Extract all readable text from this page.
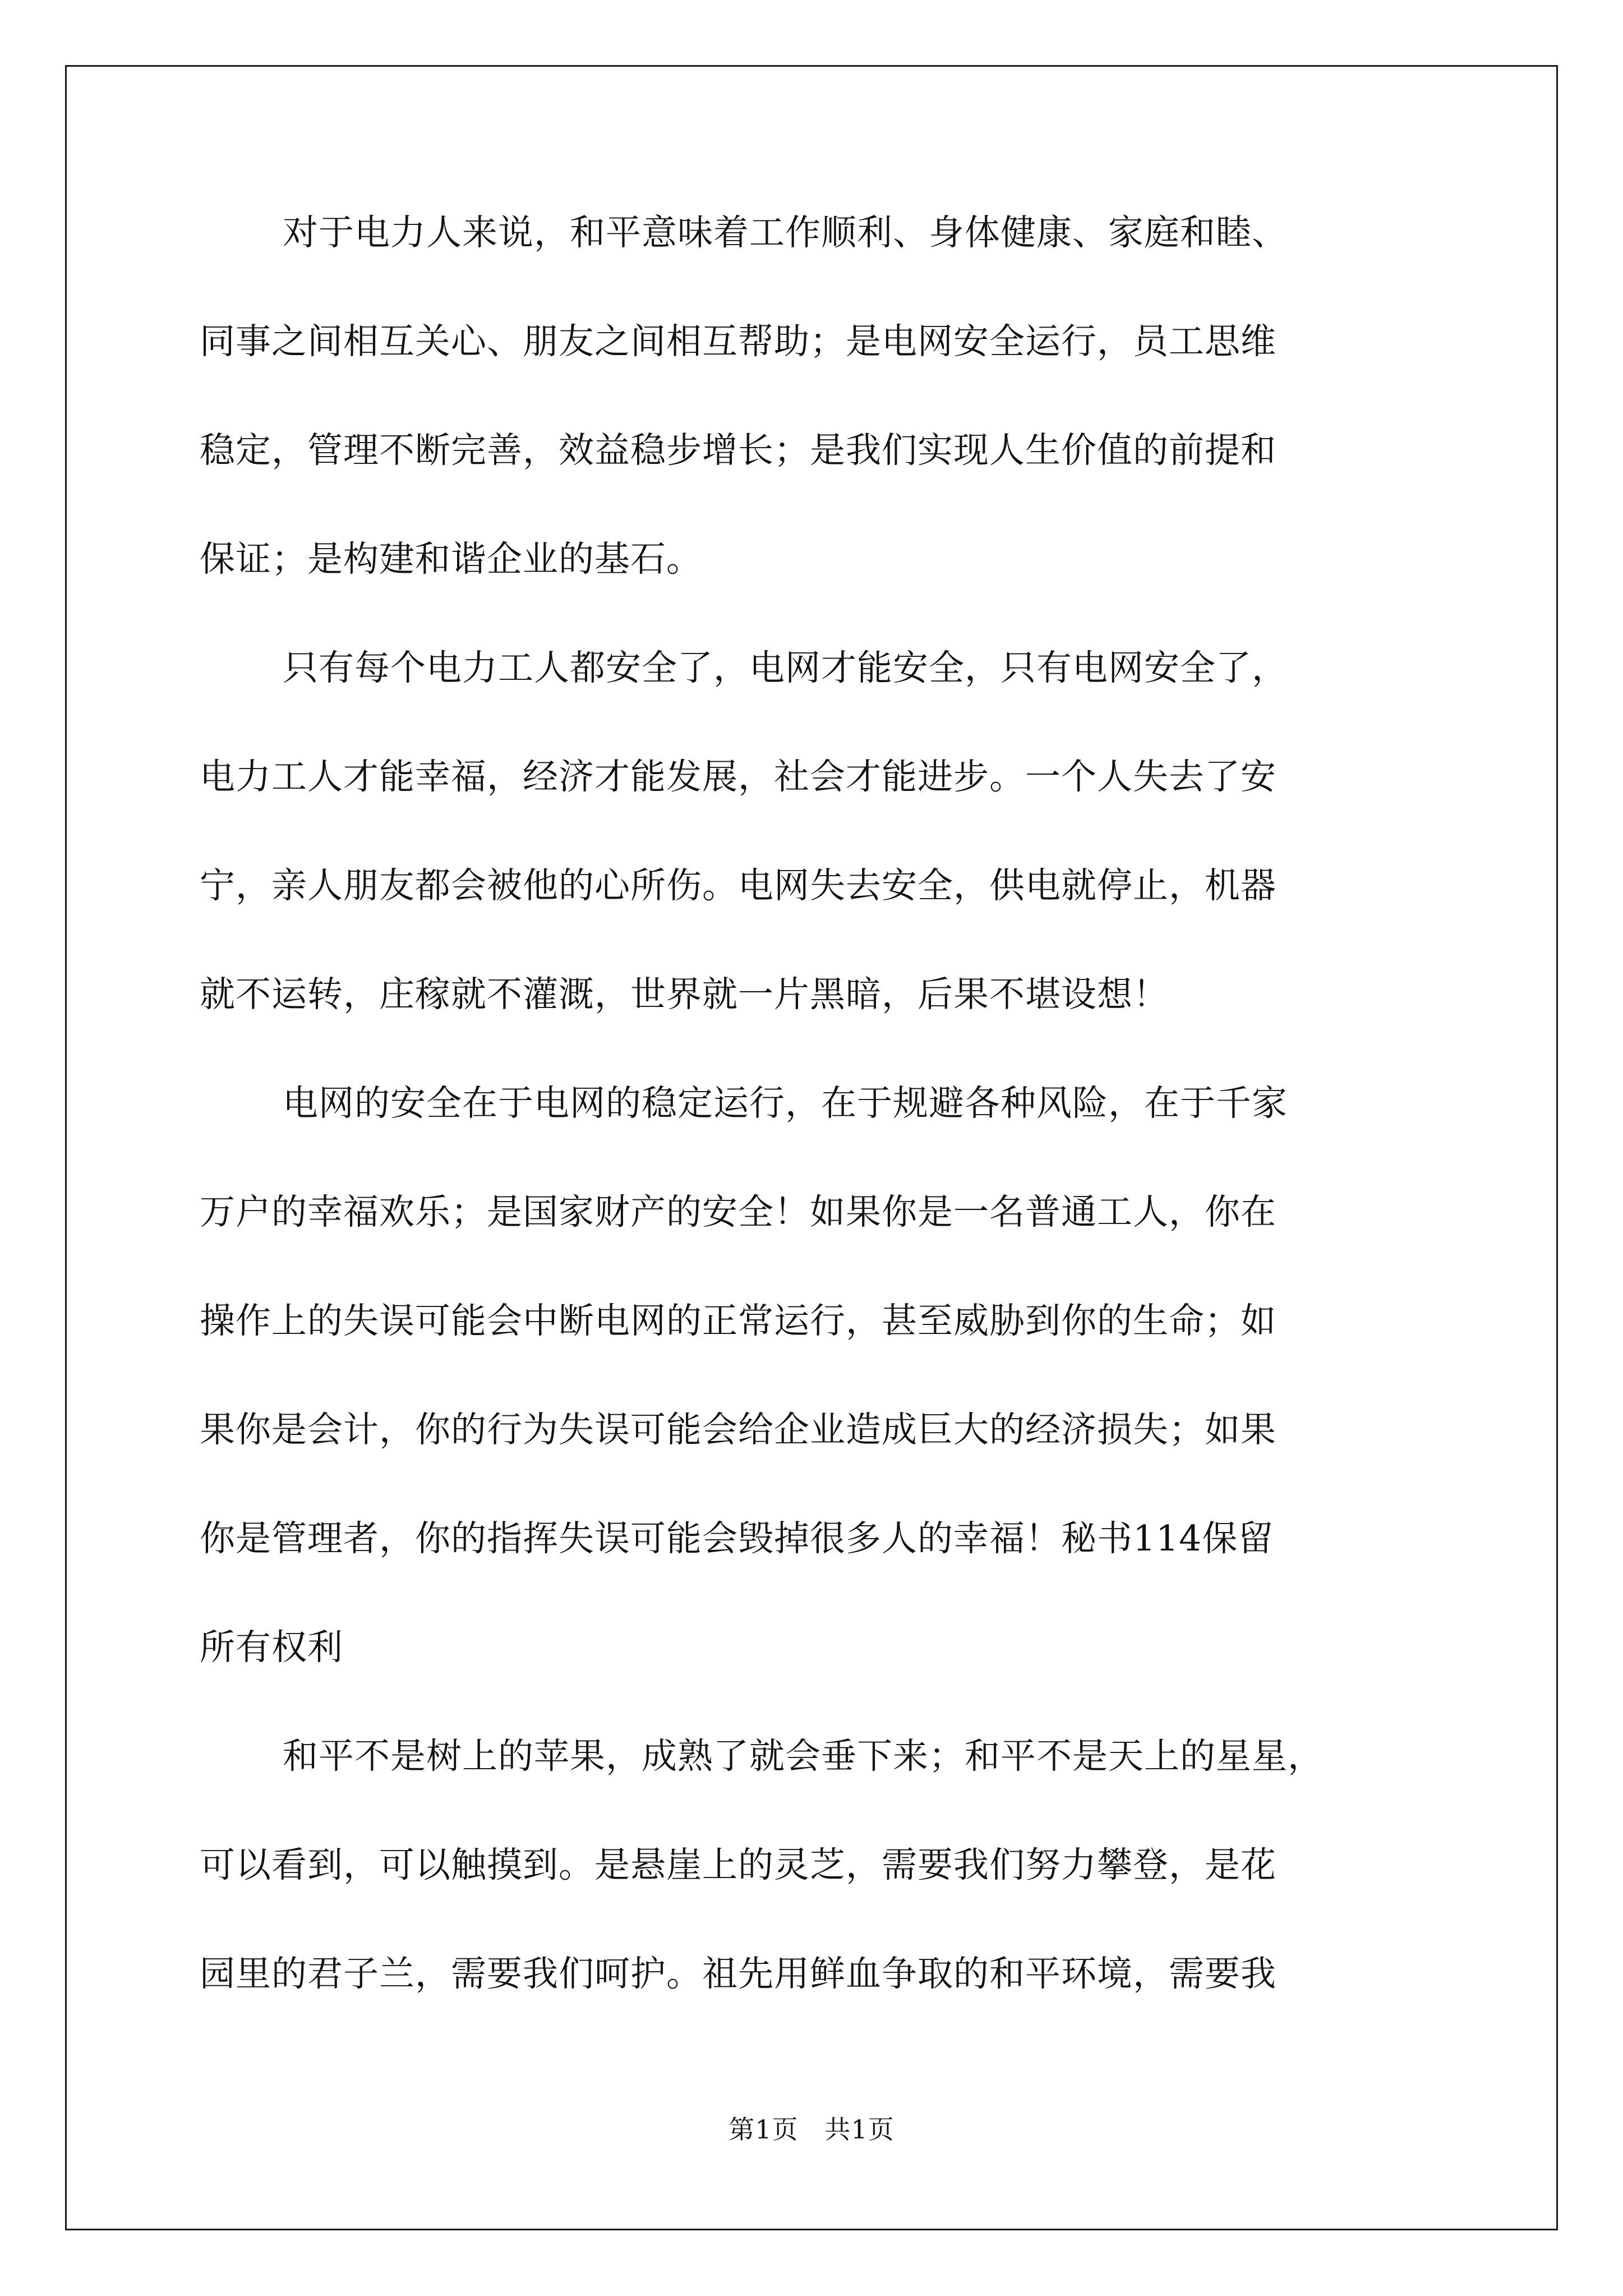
对于电力人来说，和平意味着工作顺利、身体健康、家庭和睦、
同事之间相互关心、朋友之间相互帮助；是电网安全运行，员工思维
稳定，管理不断完善，效益稳步增长；是我们实现人生价值的前提和
保证；是构建和谐企业的基石。
只有每个电力工人都安全了，电网才能安全，只有电网安全了，
电力工人才能幸福，经济才能发展，社会才能进步。一个人失去了安
宁，亲人朋友都会被他的心所伤。电网失去安全，供电就停止，机器
就不运转，庄稼就不灌溉，世界就一片黑暗，后果不堪设想！
电网的安全在于电网的稳定运行，在于规避各种风险，在于千家
万户的幸福欢乐；是国家财产的安全！如果你是一名普通工人，你在
操作上的失误可能会中断电网的正常运行，甚至威胁到你的生命；如
果你是会计，你的行为失误可能会给企业造成巨大的经济损失；如果
你是管理者，你的指挥失误可能会毁掉很多人的幸福！秘书114保留
所有权利
和平不是树上的苹果，成熟了就会垂下来；和平不是天上的星星，
可以看到，可以触摸到。是悬崖上的灵芝，需要我们努力攀登，是花
园里的君子兰，需要我们呵护。祖先用鲜血争取的和平环境，需要我
第1页   共1页
